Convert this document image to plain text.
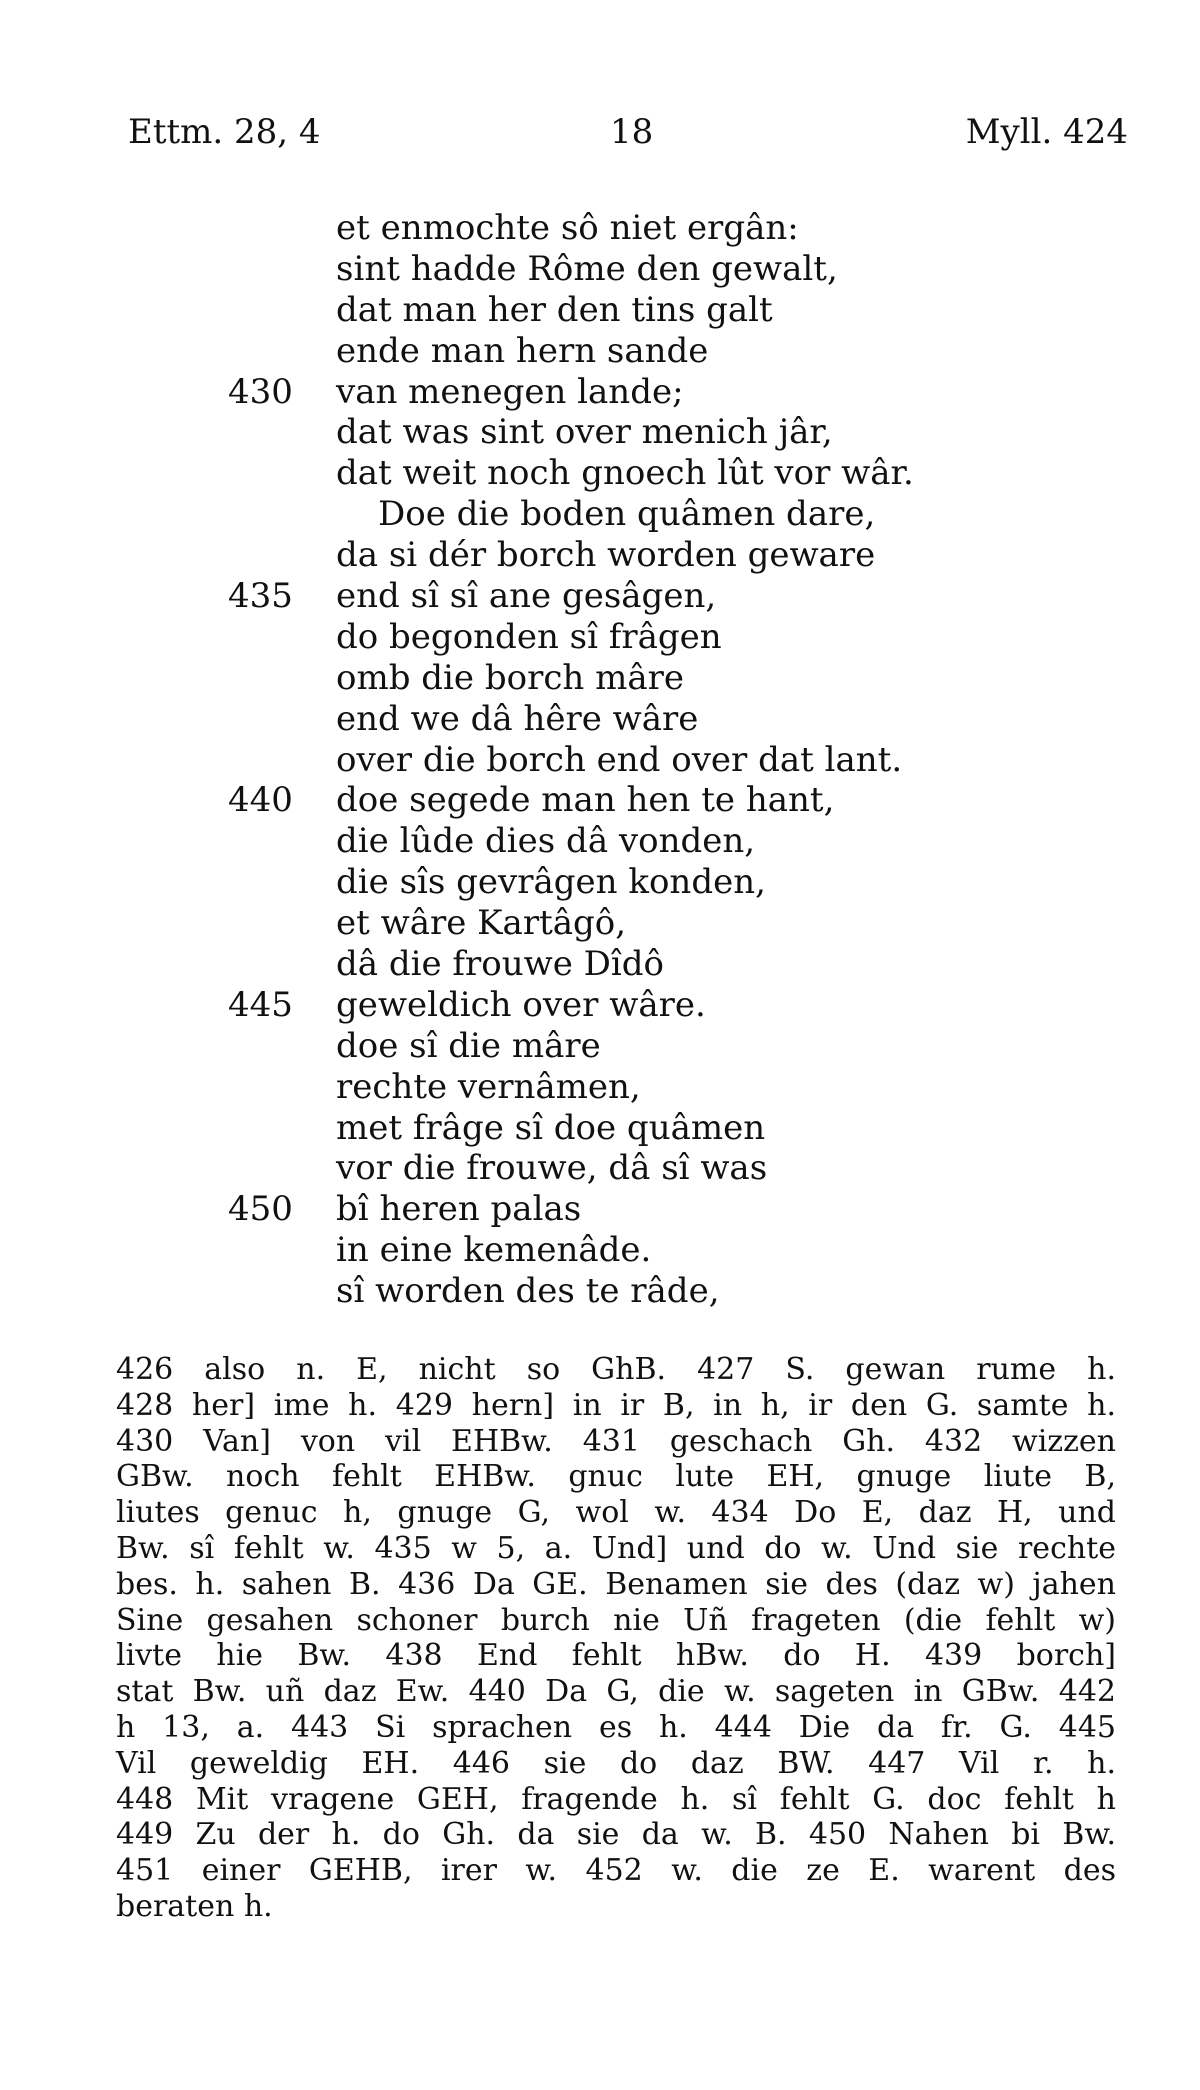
Ettm. 28, 4	18	Myll. 424
et enmochte sô niet ergân:
sint hadde Rôme den gewalt,
dat man her den tins galt
ende man hern sande
430 van menegen lande;
dat was sint over menich jâr,
dat weit noch gnoech lût vor wâr.
Doe die boden quâmen dare,
da si dér borch worden geware
435 end sî sî ane gesâgen,
do begonden sî frâgen
omb die borch mâre
end we dâ hêre wâre
over die borch end over dat lant.
440 doe segede man hen te hant,
die lûde dies dâ vonden,
die sîs gevrâgen konden,
et wâre Kartâgô,
dâ die frouwe Dîdô
445 geweldich over wâre.
doe sî die mâre
rechte vernâmen,
met frâge sî doe quâmen
vor die frouwe, dâ sî was
450 bî heren palas
in eine kemenâde.
sî worden des te râde,
426 also n. E, nicht so GhB. 427 S. gewan rume h.
428 her] ime h. 429 hern] in ir B, in h, ir den G. samte h.
430 Van] von vil EHBw. 431 geschach Gh. 432 wizzen
GBw. noch fehlt EHBw. gnuc lute EH, gnuge liute B,
liutes genuc h, gnuge G, wol w. 434 Do E, daz H, und
Bw. sî fehlt w. 435 w 5, a. Und] und do w. Und sie rechte
bes. h. sahen B. 436 Da GE. Benamen sie des (daz w) jahen
Sine gesahen schoner burch nie Uñ frageten (die fehlt w)
livte hie Bw. 438 End fehlt hBw. do H. 439 borch]
stat Bw. uñ daz Ew. 440 Da G, die w. sageten in GBw. 442
h 13, a. 443 Si sprachen es h. 444 Die da fr. G. 445
Vil geweldig EH. 446 sie do daz BW. 447 Vil r. h.
448 Mit vragene GEH, fragende h. sî fehlt G. doc fehlt h
449 Zu der h. do Gh. da sie da w. B. 450 Nahen bi Bw.
451 einer GEHB, irer w. 452 w. die ze E. warent des
beraten h.
